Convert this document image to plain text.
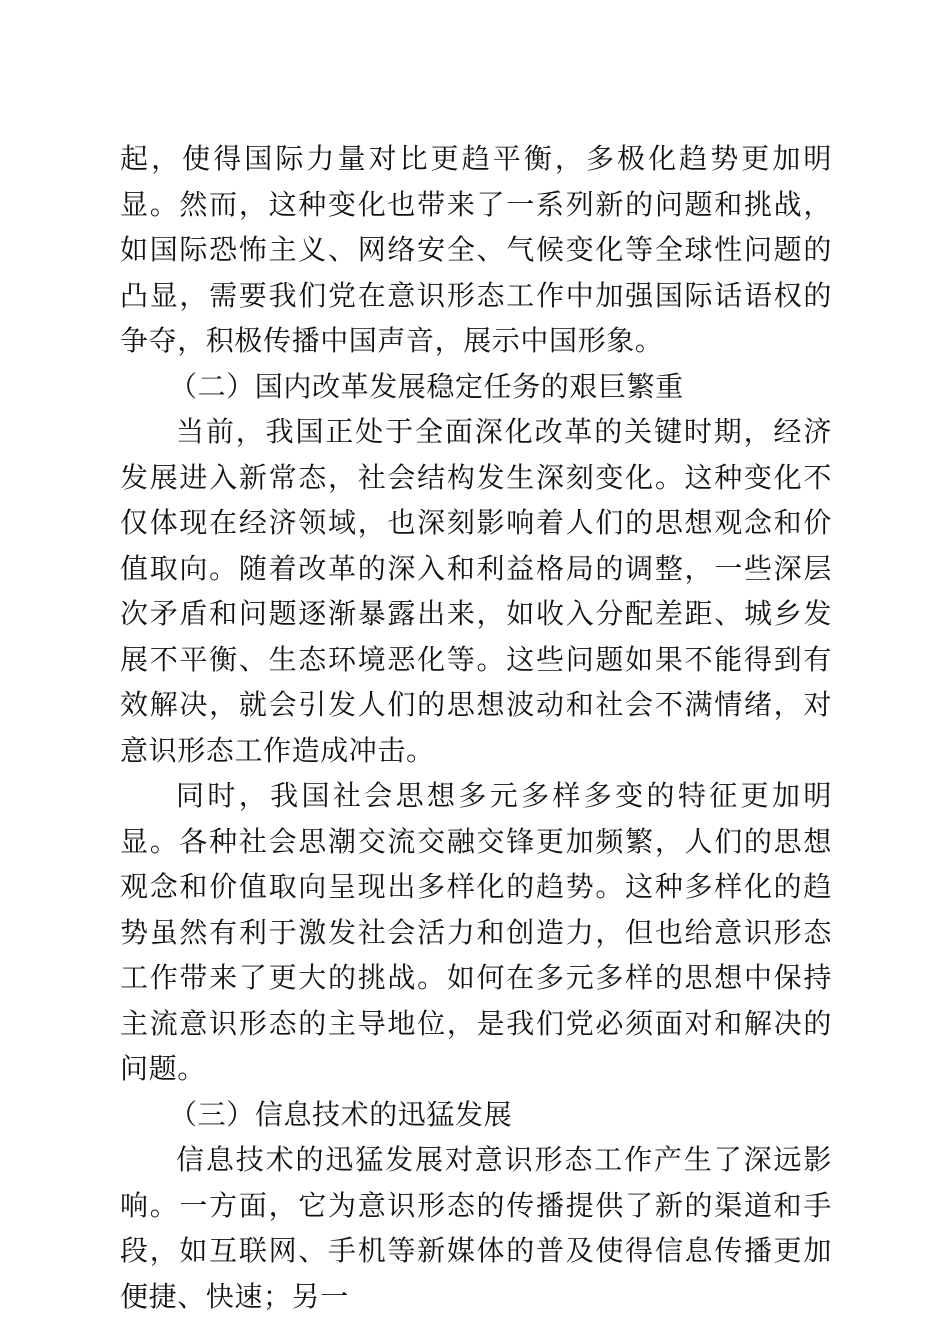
起，使得国际力量对比更趋平衡，多极化趋势更加明显。然而，这种变化也带来了一系列新的问题和挑战，如国际恐怖主义、网络安全、气候变化等全球性问题的凸显，需要我们党在意识形态工作中加强国际话语权的争夺，积极传播中国声音，展示中国形象。

（二）国内改革发展稳定任务的艰巨繁重

当前，我国正处于全面深化改革的关键时期，经济发展进入新常态，社会结构发生深刻变化。这种变化不仅体现在经济领域，也深刻影响着人们的思想观念和价值取向。随着改革的深入和利益格局的调整，一些深层次矛盾和问题逐渐暴露出来，如收入分配差距、城乡发展不平衡、生态环境恶化等。这些问题如果不能得到有效解决，就会引发人们的思想波动和社会不满情绪，对意识形态工作造成冲击。

同时，我国社会思想多元多样多变的特征更加明显。各种社会思潮交流交融交锋更加频繁，人们的思想观念和价值取向呈现出多样化的趋势。这种多样化的趋势虽然有利于激发社会活力和创造力，但也给意识形态工作带来了更大的挑战。如何在多元多样的思想中保持主流意识形态的主导地位，是我们党必须面对和解决的问题。

（三）信息技术的迅猛发展

信息技术的迅猛发展对意识形态工作产生了深远影响。一方面，它为意识形态的传播提供了新的渠道和手段，如互联网、手机等新媒体的普及使得信息传播更加便捷、快速；另一
